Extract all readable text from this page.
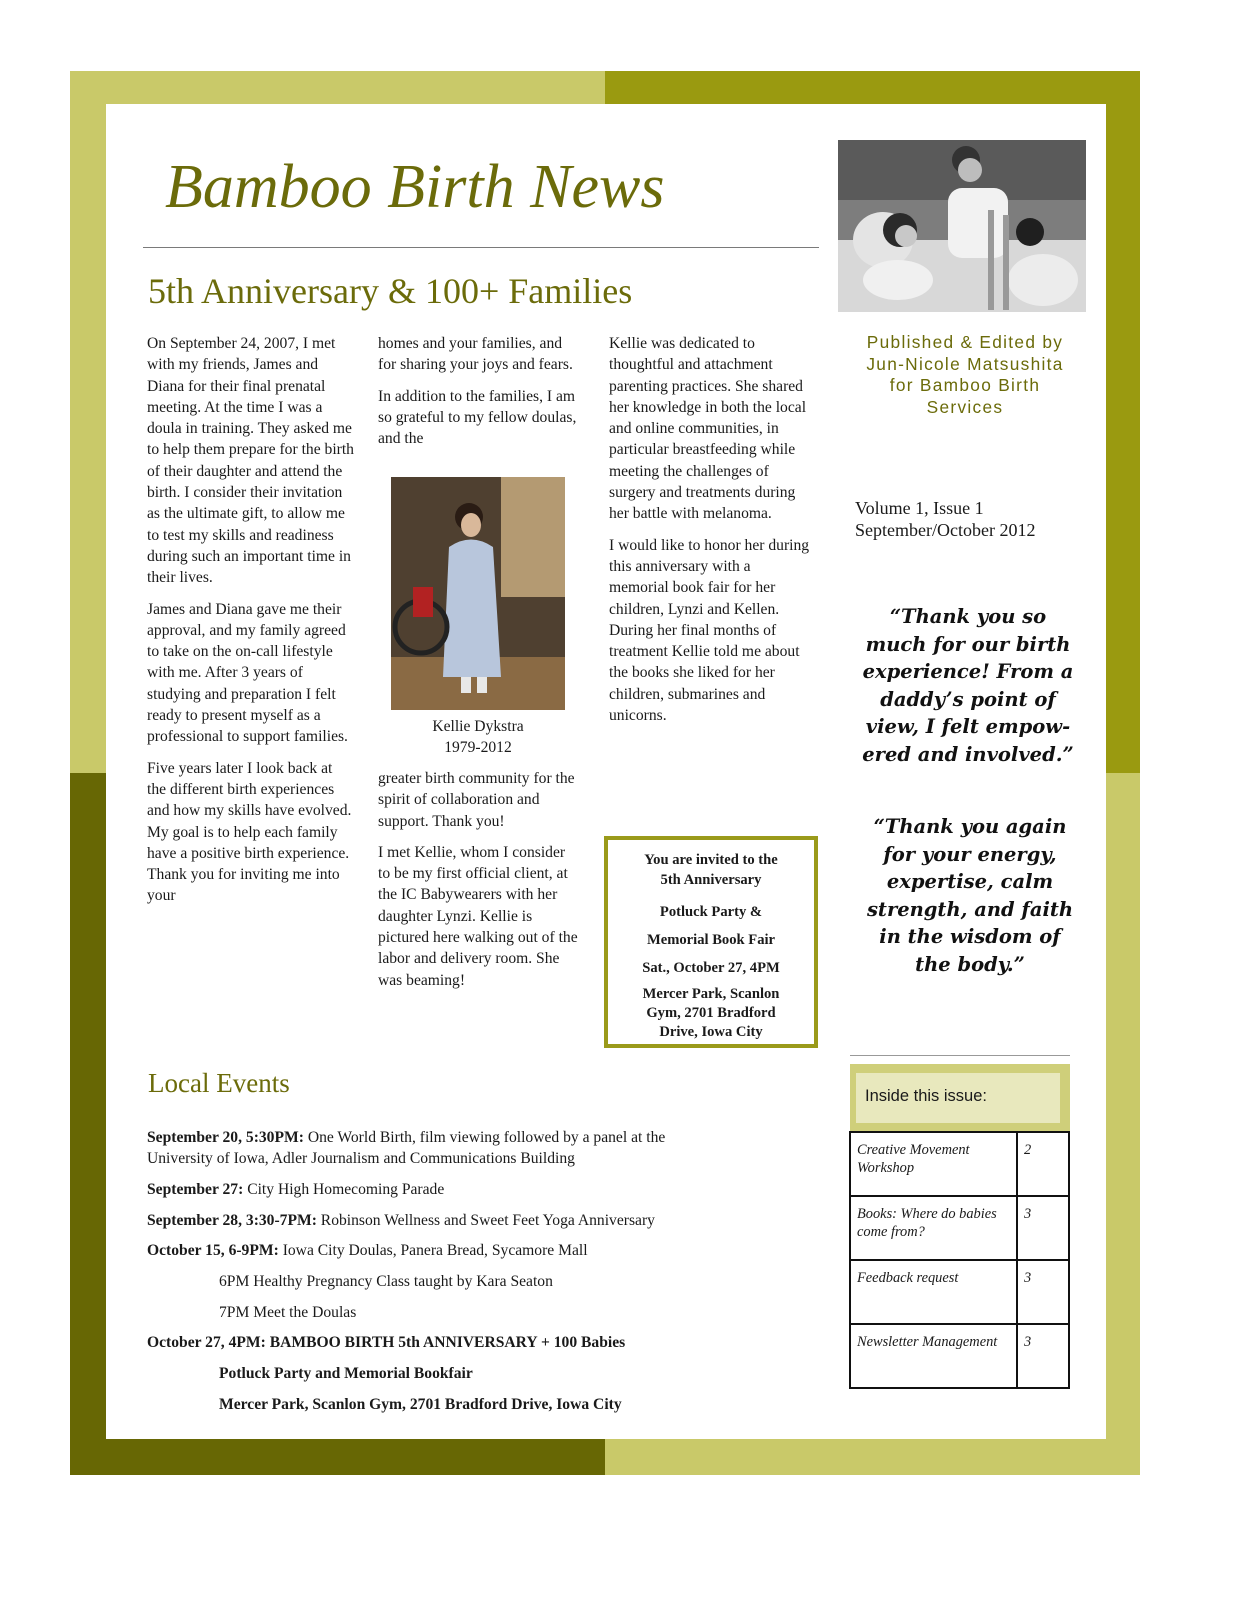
Bamboo Birth News
5th Anniversary & 100+ Families
Published & Edited by
Jun-Nicole Matsushita
for Bamboo Birth
Services
Volume 1, Issue 1
September/October 2012
“Thank you so
much for our birth
experience! From a
daddy’s point of
view, I felt empow-
ered and involved.”
“Thank you again
for your energy,
expertise, calm
strength, and faith
in the wisdom of
the body.”

On September 24, 2007, I met with my friends, James and Diana for their final prenatal meeting. At the time I was a doula in training. They asked me to help them prepare for the birth of their daughter and attend the birth. I consider their invitation as the ultimate gift, to allow me to test my skills and readiness during such an important time in their lives.

James and Diana gave me their approval, and my family agreed to take on the on-call lifestyle with me. After 3 years of studying and preparation I felt ready to present myself as a professional to support families.

Five years later I look back at the different birth experiences and how my skills have evolved. My goal is to help each family have a positive birth experience. Thank you for inviting me into your

homes and your families, and for sharing your joys and fears.

In addition to the families, I am so grateful to my fellow doulas, and the

Kellie Dykstra
1979-2012

greater birth community for the spirit of collaboration and support. Thank you!

I met Kellie, whom I consider to be my first official client, at the IC Babywearers with her daughter Lynzi. Kellie is pictured here walking out of the labor and delivery room. She was beaming!

Kellie was dedicated to thoughtful and attachment parenting practices. She shared her knowledge in both the local and online communities, in particular breastfeeding while meeting the challenges of surgery and treatments during her battle with melanoma.

I would like to honor her during this anniversary with a memorial book fair for her children, Lynzi and Kellen. During her final months of treatment Kellie told me about the books she liked for her children, submarines and unicorns.

You are invited to the
5th Anniversary
Potluck Party &
Memorial Book Fair
Sat., October 27, 4PM
Mercer Park, Scanlon
Gym, 2701 Bradford
Drive, Iowa City
Local Events
September 20, 5:30PM: One World Birth, film viewing followed by a panel at the
University of Iowa, Adler Journalism and Communications Building
September 27: City High Homecoming Parade
September 28, 3:30-7PM: Robinson Wellness and Sweet Feet Yoga Anniversary
October 15, 6-9PM: Iowa City Doulas, Panera Bread, Sycamore Mall
6PM Healthy Pregnancy Class taught by Kara Seaton
7PM Meet the Doulas
October 27, 4PM: BAMBOO BIRTH 5th ANNIVERSARY + 100 Babies
Potluck Party and Memorial Bookfair
Mercer Park, Scanlon Gym, 2701 Bradford Drive, Iowa City
Inside this issue:
Creative Movement Workshop	2
Books: Where do babies come from?	3
Feedback request	3
Newsletter Management	3
